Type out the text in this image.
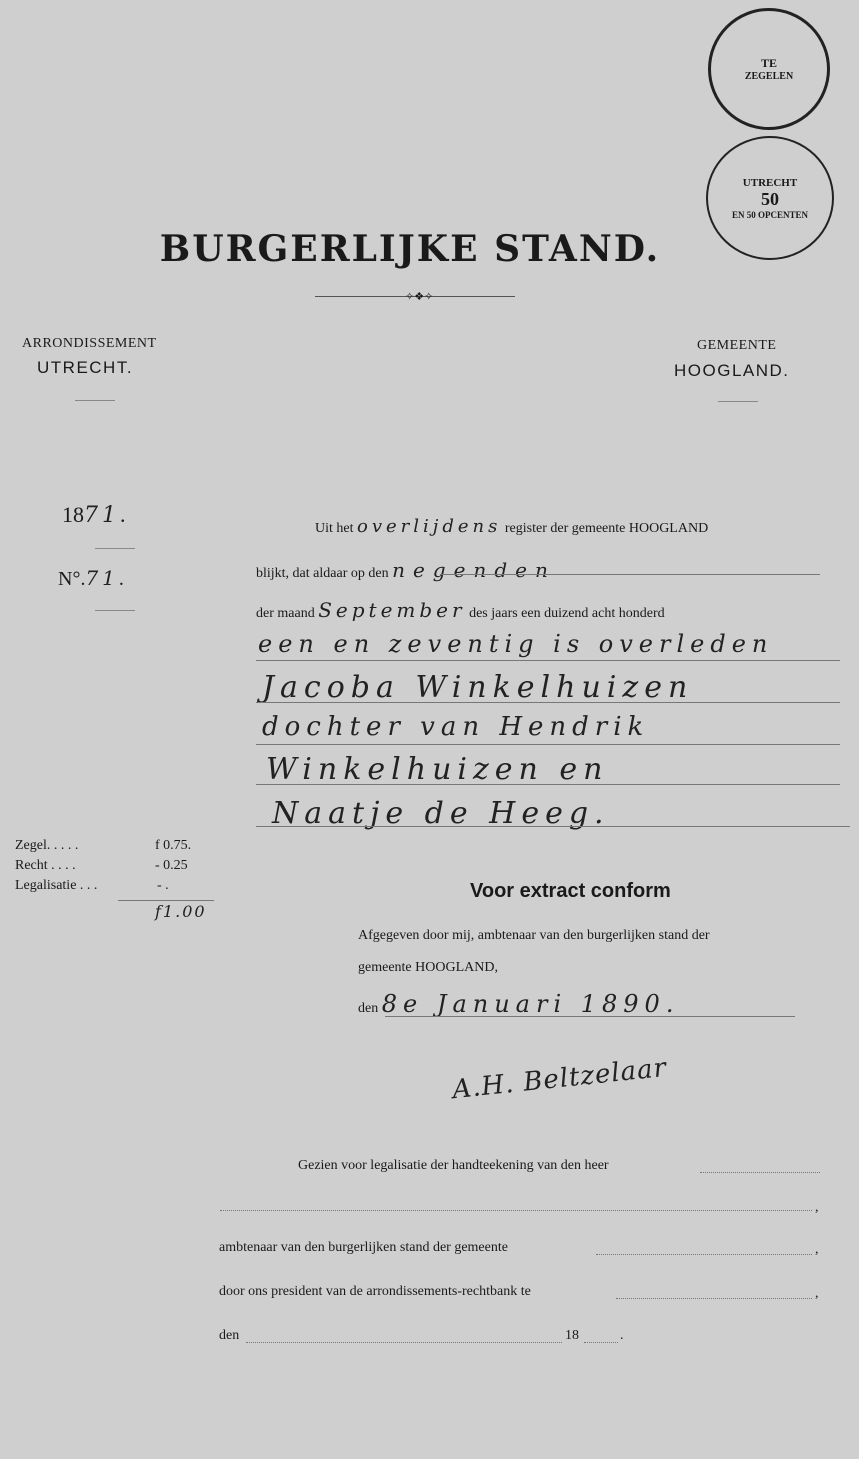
TE
ZEGELEN
UTRECHT
50
EN 50 OPCENTEN
BURGERLIJKE STAND.
✧❖✧
ARRONDISSEMENT
UTRECHT.
GEMEENTE
HOOGLAND.
1871.
N°.71.
Uit het overlijdens register der gemeente HOOGLAND
blijkt, dat aldaar op den negenden
der maand September des jaars een duizend acht honderd
een en zeventig is overleden
Jacoba Winkelhuizen
dochter van Hendrik
Winkelhuizen en
Naatje de Heeg.
Zegel. . . . .	f 0.75.
Recht . . . .	- 0.25
Legalisatie . . .	- .
f1.00
Voor extract conform
Afgegeven door mij, ambtenaar van den burgerlijken stand der
gemeente HOOGLAND,
den 8e Januari 1890.
A.H. Beltzelaar
Gezien voor legalisatie der handteekening van den heer
,
ambtenaar van den burgerlijken stand der gemeente	,
door ons president van de arrondissements-rechtbank te	,
den	18	.
